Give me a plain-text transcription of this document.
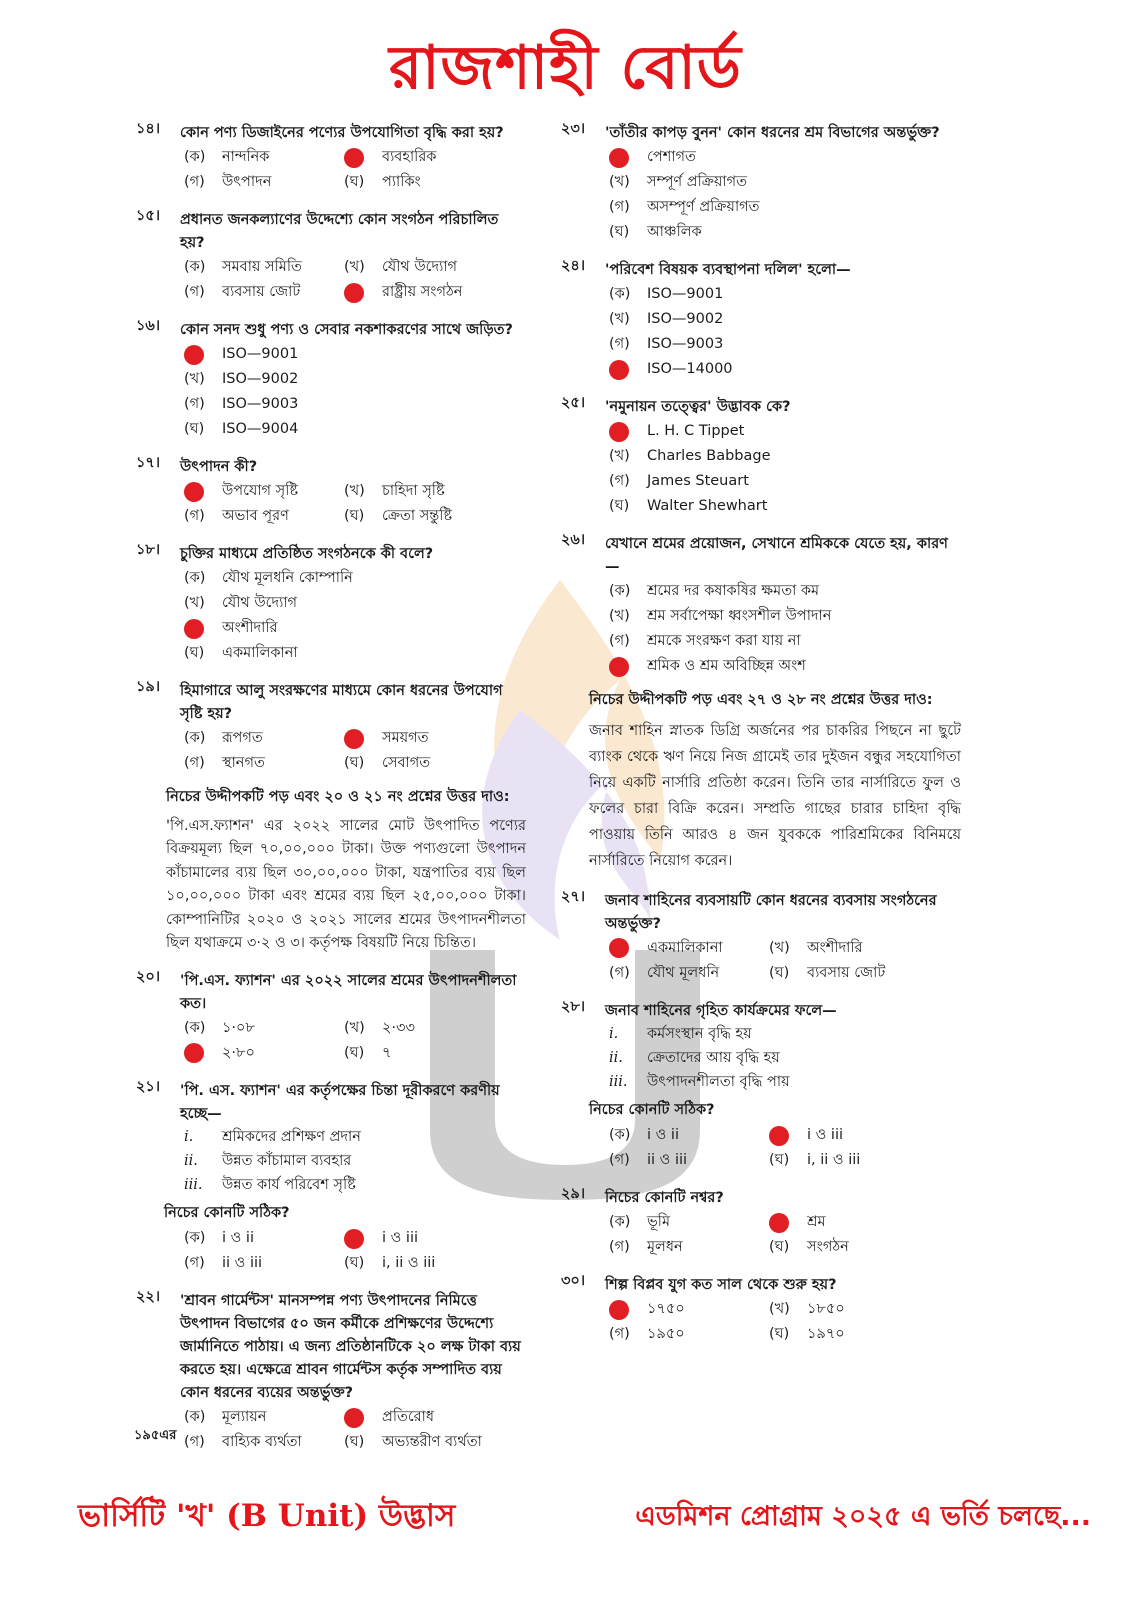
রাজশাহী বোর্ড
১৪।	কোন পণ্য ডিজাইনের পণ্যের উপযোগিতা বৃদ্ধি করা হয়?
(ক)	নান্দনিক	ব্যবহারিক
(গ)	উৎপাদন	(ঘ)	প্যাকিং
১৫।	প্রধানত জনকল্যাণের উদ্দেশ্যে কোন সংগঠন পরিচালিত হয়?
(ক)	সমবায় সমিতি	(খ)	যৌথ উদ্যোগ
(গ)	ব্যবসায় জোট	রাষ্ট্রীয় সংগঠন
১৬।	কোন সনদ শুধু পণ্য ও সেবার নকশাকরণের সাথে জড়িত?
ISO—9001
(খ)	ISO—9002
(গ)	ISO—9003
(ঘ)	ISO—9004
১৭।	উৎপাদন কী?
উপযোগ সৃষ্টি	(খ)	চাহিদা সৃষ্টি
(গ)	অভাব পূরণ	(ঘ)	ক্রেতা সন্তুষ্টি
১৮।	চুক্তির মাধ্যমে প্রতিষ্ঠিত সংগঠনকে কী বলে?
(ক)	যৌথ মূলধনি কোম্পানি
(খ)	যৌথ উদ্যোগ
অংশীদারি
(ঘ)	একমালিকানা
১৯।	হিমাগারে আলু সংরক্ষণের মাধ্যমে কোন ধরনের উপযোগ সৃষ্টি হয়?
(ক)	রূপগত	সময়গত
(গ)	স্থানগত	(ঘ)	সেবাগত
নিচের উদ্দীপকটি পড় এবং ২০ ও ২১ নং প্রশ্নের উত্তর দাও:
'পি.এস.ফ্যাশন' এর ২০২২ সালের মোট উৎপাদিত পণ্যের বিক্রয়মূল্য ছিল ৭০,০০,০০০ টাকা। উক্ত পণ্যগুলো উৎপাদন কাঁচামালের ব্যয় ছিল ৩০,০০,০০০ টাকা, যন্ত্রপাতির ব্যয় ছিল ১০,০০,০০০ টাকা এবং শ্রমের ব্যয় ছিল ২৫,০০,০০০ টাকা। কোম্পানিটির ২০২০ ও ২০২১ সালের শ্রমের উৎপাদনশীলতা ছিল যথাক্রমে ৩·২ ও ৩। কর্তৃপক্ষ বিষয়টি নিয়ে চিন্তিত।
২০।	'পি.এস. ফ্যাশন' এর ২০২২ সালের শ্রমের উৎপাদনশীলতা কত।
(ক)	১·০৮	(খ)	২·৩৩
২·৮০	(ঘ)	৭
২১।	'পি. এস. ফ্যাশন' এর কর্তৃপক্ষের চিন্তা দূরীকরণে করণীয় হচ্ছে—
i.	শ্রমিকদের প্রশিক্ষণ প্রদান
ii.	উন্নত কাঁচামাল ব্যবহার
iii.	উন্নত কার্য পরিবেশ সৃষ্টি
নিচের কোনটি সঠিক?
(ক)	i ও ii	i ও iii
(গ)	ii ও iii	(ঘ)	i, ii ও iii
২২।	'শ্রাবন গার্মেন্টস' মানসম্পন্ন পণ্য উৎপাদনের নিমিত্তে উৎপাদন বিভাগের ৫০ জন কর্মীকে প্রশিক্ষণের উদ্দেশ্যে জার্মানিতে পাঠায়। এ জন্য প্রতিষ্ঠানটিকে ২০ লক্ষ টাকা ব্যয় করতে হয়। এক্ষেত্রে শ্রাবন গার্মেন্টস কর্তৃক সম্পাদিত ব্যয় কোন ধরনের ব্যয়ের অন্তর্ভুক্ত?
(ক)	মূল্যায়ন	প্রতিরোধ
(গ)	বাহ্যিক ব্যর্থতা	(ঘ)	অভ্যন্তরীণ ব্যর্থতা
২৩।	'তাঁতীর কাপড় বুনন' কোন ধরনের শ্রম বিভাগের অন্তর্ভুক্ত?
পেশাগত
(খ)	সম্পূর্ণ প্রক্রিয়াগত
(গ)	অসম্পূর্ণ প্রক্রিয়াগত
(ঘ)	আঞ্চলিক
২৪।	'পরিবেশ বিষয়ক ব্যবস্থাপনা দলিল' হলো—
(ক)	ISO—9001
(খ)	ISO—9002
(গ)	ISO—9003
ISO—14000
২৫।	'নমুনায়ন তত্ত্বের' উদ্ভাবক কে?
L. H. C Tippet
(খ)	Charles Babbage
(গ)	James Steuart
(ঘ)	Walter Shewhart
২৬।	যেখানে শ্রমের প্রয়োজন, সেখানে শ্রমিককে যেতে হয়, কারণ—
(ক)	শ্রমের দর কষাকষির ক্ষমতা কম
(খ)	শ্রম সর্বাপেক্ষা ধ্বংসশীল উপাদান
(গ)	শ্রমকে সংরক্ষণ করা যায় না
শ্রমিক ও শ্রম অবিচ্ছিন্ন অংশ
নিচের উদ্দীপকটি পড় এবং ২৭ ও ২৮ নং প্রশ্নের উত্তর দাও:
জনাব শাহিন স্নাতক ডিগ্রি অর্জনের পর চাকরির পিছনে না ছুটে ব্যাংক থেকে ঋণ নিয়ে নিজ গ্রামেই তার দুইজন বন্ধুর সহযোগিতা নিয়ে একটি নার্সারি প্রতিষ্ঠা করেন। তিনি তার নার্সারিতে ফুল ও ফলের চারা বিক্রি করেন। সম্প্রতি গাছের চারার চাহিদা বৃদ্ধি পাওয়ায় তিনি আরও ৪ জন যুবককে পারিশ্রমিকের বিনিময়ে নার্সারিতে নিয়োগ করেন।
২৭।	জনাব শাহিনের ব্যবসায়টি কোন ধরনের ব্যবসায় সংগঠনের অন্তর্ভুক্ত?
একমালিকানা	(খ)	অংশীদারি
(গ)	যৌথ মূলধনি	(ঘ)	ব্যবসায় জোট
২৮।	জনাব শাহিনের গৃহিত কার্যক্রমের ফলে—
i.	কর্মসংস্থান বৃদ্ধি হয়
ii.	ক্রেতাদের আয় বৃদ্ধি হয়
iii.	উৎপাদনশীলতা বৃদ্ধি পায়
নিচের কোনটি সঠিক?
(ক)	i ও ii	i ও iii
(গ)	ii ও iii	(ঘ)	i, ii ও iii
২৯।	নিচের কোনটি নশ্বর?
(ক)	ভূমি	শ্রম
(গ)	মূলধন	(ঘ)	সংগঠন
৩০।	শিল্প বিপ্লব যুগ কত সাল থেকে শুরু হয়?
১৭৫০	(খ)	১৮৫০
(গ)	১৯৫০	(ঘ)	১৯৭০
১৯৫এর
ভার্সিটি 'খ' (B Unit) উদ্ভাস	এডমিশন প্রোগ্রাম ২০২৫ এ ভর্তি চলছে...
